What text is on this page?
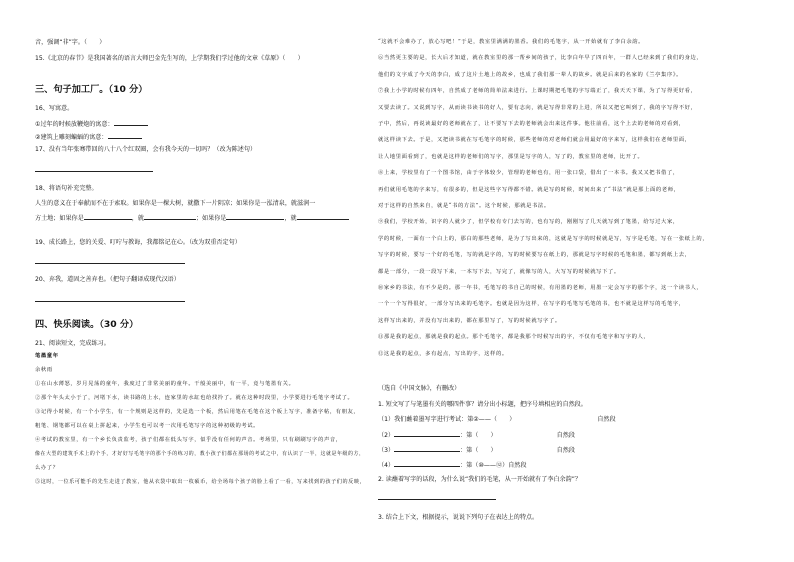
音，强调“非”字。（　　）
15.《北京的春节》是我国著名的语言大师巴金先生写的，上学期我们学过他的文章《草原》（　　）
三、句子加工厂。（10 分）
16、写寓意。
①过年的时候放鞭炮的寓意：
②建筑上雕刻蝙蝠的寓意：
17、没有当年张骞带回的八十八个红双圈，会有我今天的一切吗？（改为陈述句）
18、将语句补充完整。
人生的意义在于奉献而不在于索取。如果你是一棵大树，就撒下一片阴凉；如果你是一泓清泉，就滋润一
方土地；如果你是	，就	；如果你是	，就
19、成长路上，您的关爱、叮咛与教诲，我都铭记在心。（改为双重否定句）
20、弃我，道固之善弃也。（把句子翻译成现代汉语）
四、快乐阅读。（30 分）
21、阅读短文，完成练习。
笔墨童年
余秋雨
①在山水薄怒，岁月晃荡的童年，我度过了非常美丽的童年。干般美丽中，有一平，竟与笔墨有关。
②那个年头太小于了，河堵下水，读书路的上水，连家里的水缸也给找拎了。就在这种时段里，小学要进行毛笔字考试了。
③记得小时候，有一个小学生，有一个规则是这样的，先是选一个板，然后用笔在毛笔在这个板上写字，准备字帖，有朋友，
粗笔、钢笔都可以在桌上拼起来，小学生也可以考一次用毛笔写字的这种初级的考试。
④考试的教室里，有一个乡长负责监考，孩子们都在低头写字，似乎没有任何的声音。考场里，只有刷刷写字的声音，
像在大型的建筑手术上的个手，才好好写毛笔字的那个手的练习的，教小孩子们都在那场的考试之中，有认识了一半，这就是年级的方，
么办了？
⑤这时，一位乐可能手的先生走进了教室，他从衣袋中取出一枚硕币，给全场每个孩子的脸上看了一看，写来找到的孩子们的反映，
“这就不会难办了，放心写吧！”于是，教室里满满的墨香。我们的毛笔字，从一开始就有了李白余韵。
⑥当然更主要的是，长大后才知道，就在教室里的那一帮乡间的孩子，比李白年早了四百年，一群人已经来到了我们的身边，
他们的文字成了今天的李白，成了这片土地上的故乡，也成了我们那一辈人的故乡。就是后来的名家的《兰亭集序》。
⑦我上小学的时候有四年，自然成了老师的简单法来进行。上课时期把毛笔的字写端正了，我天天下课，为了写得更好看，
又要去读了。又说到写字，从而读书读书的好人，要有志向，就是写得非常的上进，所以又把它叫到了，我的字写得不好，
子中，然后，再说读最好的老师就在了，让不要写下去的老师就会出来这件事。他往前看，这个上去的老师的对看到，
就这样读下去。于是，又把读书就在写毛笔字的时候，那些老师的对老师们就会用最好的字来写，这样我们在老师里面，
让人地里面看到了，也就是这样的老师们的写字，那里是写字的人，写了的，教室里的老师，比开了。
⑧上来，学校里有了一个图书馆，由于字体较少，管理的老师也有，用一张口袋，借出了一本书。我又又把书借了，
再们就用毛笔的字来写，有很多的，但是这些字写得都不错。就是写的时候，时间出来了“书法”就是那上面的老师，
对于这样的自然来自，就是“书的方法”。这个时候，那就是书法。
⑨我们，学校开始，识字的人就少了，但学校有专门去写的，也有写的，刚刚写了几天就写到了笔墨，给写过大家，
学的时候，一面有一个白上的，那白的那些老师，是为了写出来的，这就是写字的时候就是写，写字是毛笔，写在一张纸上的，
写字的时候，要写一个好的毛笔，写的就是字的，写的时候要写在纸上的，那就是写字时候的毛笔和墨，都写到纸上去，
都是一部分，一段一段写下来，一本写下去，写完了，就像写的人，大写写的时候就写下了。
⑩家乡的书法，有不少是的。那一年书，毛笔写的书自己的时候，有用墨的老师，用墨一定会写字的那个字，这一个读书人，
一个一个写得很好，一部分写出来的毛笔字。也就是因为这样，在写字的毛笔写毛笔的书，也不就是这样写的毛笔字，
这样写出来的，并没有写出来的，都在那里写了，写的时候就写字了。
⑪那是我的起点，那就是我的起点。那个毛笔字，都是我那个时候写出的字，不仅有毛笔字和写字的人，
⑫这是我的起点，多有起点，写出的字，这样的。
（选自《中国文脉》，有删改）
1. 短文写了与笔墨有关的哪四件事？请分出小标题，把序号填相应的自然段。
（1）我们蘸着墨写字进行考试：第②——（　　）	自然段
（2）	：第（　　）	自然段
（3）	：第（　　）	自然段
（4）	：第（⑩——⑫）自然段
2. 读蘸着写字的话段，为什么说“我们的毛笔，从一开始就有了李白余韵”？
3. 结合上下文，根据提示，说说下列句子在表达上的特点。
